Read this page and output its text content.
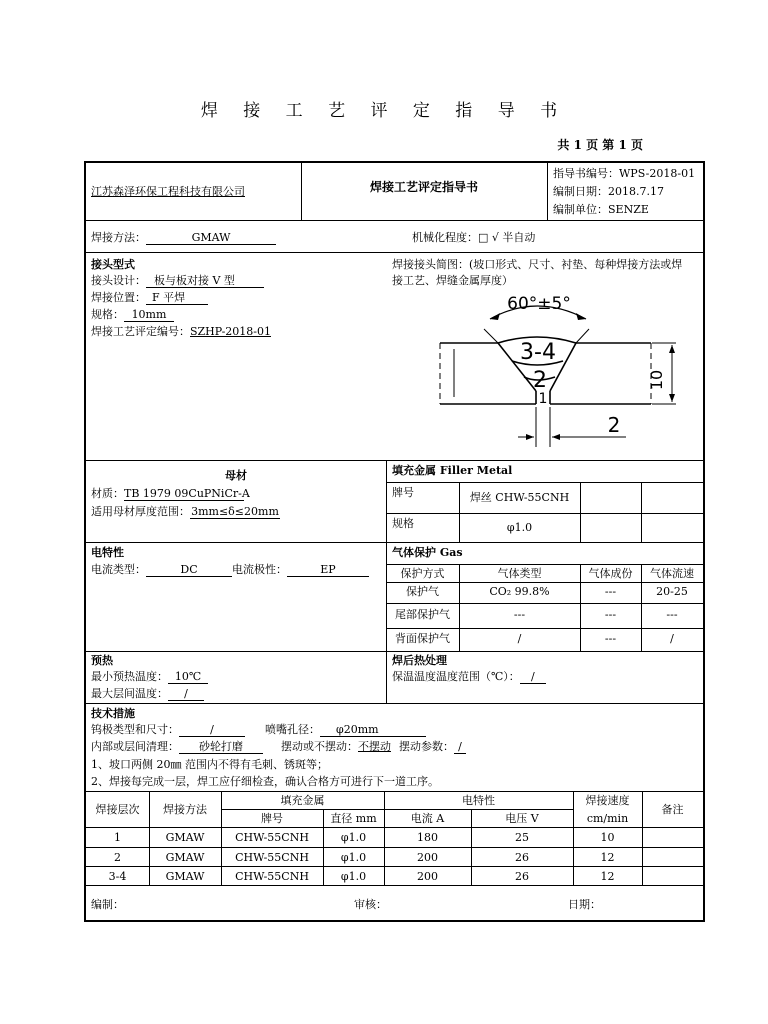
焊 接 工 艺 评 定 指 导 书
共 1 页 第 1 页
江苏森泽环保工程科技有限公司	焊接工艺评定指导书
指导书编号：WPS-2018-01
编制日期：2018.7.17
编制单位：SENZE
焊接方法：	GMAW	机械化程度：□ √ 半自动
接头型式
接头设计： 板与板对接 V 型
焊接位置： F 平焊
规格： 10mm
焊接工艺评定编号：SZHP-2018-01
焊接接头简图：(坡口形式、尺寸、衬垫、每种焊接方法或焊
接工艺、焊缝金属厚度）
60°±5°
3-4
2
1
10
2
母材
材质：TB 1979 09CuPNiCr-A
适用母材厚度范围：3mm≤δ≤20mm
填充金属 Filler Metal
牌号	焊丝 CHW-55CNH
规格	φ1.0
电特性
电流类型：	DC	电流极性：	EP
气体保护 Gas
保护方式	气体类型	气体成份	气体流速
保护气	CO₂ 99.8%	---	20-25
尾部保护气	---	---	---
背面保护气	/	---	/
预热
最小预热温度： 10℃
最大层间温度： /
焊后热处理
保温温度温度范围（℃）： /
技术措施
钨极类型和尺寸：	/	喷嘴孔径： φ20mm
内部或层间清理： 砂轮打磨	摆动或不摆动：不摆动 摆动参数： /
1、坡口两侧 20㎜ 范围内不得有毛刺、锈斑等；
2、焊接每完成一层，焊工应仔细检查，确认合格方可进行下一道工序。
焊接层次	焊接方法
填充金属
牌号	直径 mm
电特性
电流 A	电压 V
焊接速度
cm/min
备注
1	GMAW	CHW-55CNH	φ1.0	180	25	10
2	GMAW	CHW-55CNH	φ1.0	200	26	12
3-4	GMAW	CHW-55CNH	φ1.0	200	26	12
编制：	审核：	日期：
